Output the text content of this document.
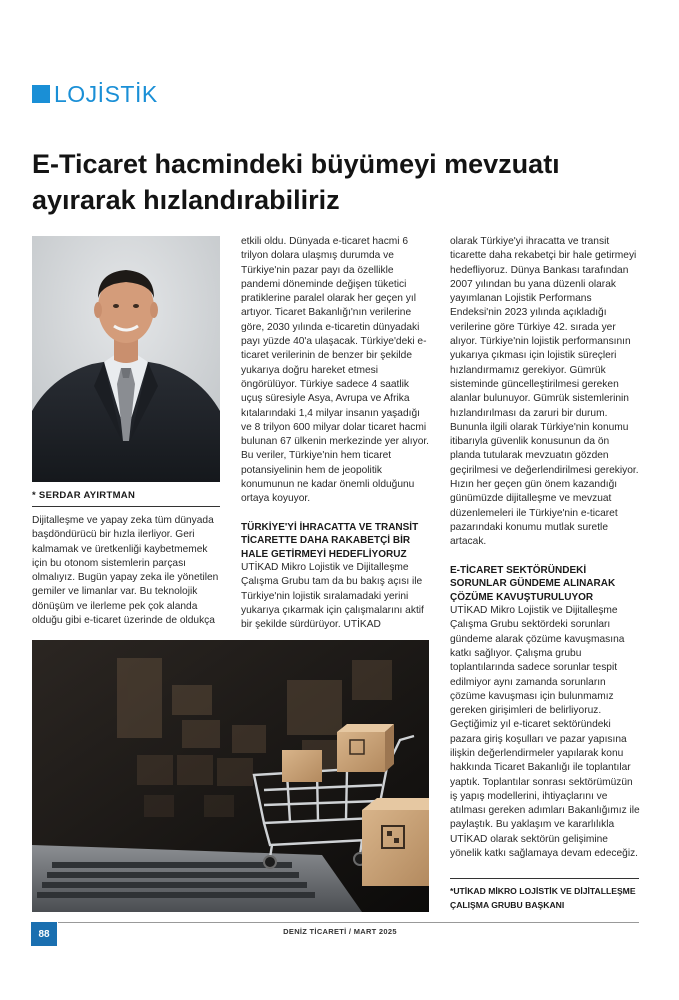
LOJİSTİK
E-Ticaret hacmindeki büyümeyi mevzuatı ayırarak hızlandırabiliriz
* SERDAR AYIRTMAN

Dijitalleşme ve yapay zeka tüm dünyada başdöndürücü bir hızla ilerliyor. Geri kalmamak ve üretkenliği kaybetmemek için bu otonom sistemlerin parçası olmalıyız. Bugün yapay zeka ile yönetilen gemiler ve limanlar var. Bu teknolojik dönüşüm ve ilerleme pek çok alanda olduğu gibi e-ticaret üzerinde de oldukça

etkili oldu. Dünyada e-ticaret hacmi 6 trilyon dolara ulaşmış durumda ve Türkiye'nin pazar payı da özellikle pandemi döneminde değişen tüketici pratiklerine paralel olarak her geçen yıl artıyor. Ticaret Bakanlığı'nın verilerine göre, 2030 yılında e-ticaretin dünyadaki payı yüzde 40'a ulaşacak. Türkiye'deki e-ticaret verilerinin de benzer bir şekilde yukarıya doğru hareket etmesi öngörülüyor. Türkiye sadece 4 saatlik uçuş süresiyle Asya, Avrupa ve Afrika kıtalarındaki 1,4 milyar insanın yaşadığı ve 8 trilyon 600 milyar dolar ticaret hacmi bulunan 67 ülkenin merkezinde yer alıyor. Bu veriler, Türkiye'nin hem ticaret potansiyelinin hem de jeopolitik konumunun ne kadar önemli olduğunu ortaya koyuyor.

TÜRKİYE'Yİ İHRACATTA VE TRANSİT TİCARETTE DAHA RAKABETÇİ BİR HALE GETİRMEYİ HEDEFLİYORUZ

UTİKAD Mikro Lojistik ve Dijitalleşme Çalışma Grubu tam da bu bakış açısı ile Türkiye'nin lojistik sıralamadaki yerini yukarıya çıkarmak için çalışmalarını aktif bir şekilde sürdürüyor. UTİKAD

olarak Türkiye'yi ihracatta ve transit ticarette daha rekabetçi bir hale getirmeyi hedefliyoruz. Dünya Bankası tarafından 2007 yılından bu yana düzenli olarak yayımlanan Lojistik Performans Endeksi'nin 2023 yılında açıkladığı verilerine göre Türkiye 42. sırada yer alıyor. Türkiye'nin lojistik performansının yukarıya çıkması için lojistik süreçleri hızlandırmamız gerekiyor. Gümrük sisteminde güncelleştirilmesi gereken alanlar bulunuyor. Gümrük sistemlerinin hızlandırılması da zaruri bir durum. Bununla ilgili olarak Türkiye'nin konumu itibarıyla güvenlik konusunun da ön planda tutularak mevzuatın gözden geçirilmesi ve değerlendirilmesi gerekiyor. Hızın her geçen gün önem kazandığı günümüzde dijitalleşme ve mevzuat düzenlemeleri ile Türkiye'nin e-ticaret pazarındaki konumu mutlak suretle artacak.

E-TİCARET SEKTÖRÜNDEKİ SORUNLAR GÜNDEME ALINARAK ÇÖZÜME KAVUŞTURULUYOR

UTİKAD Mikro Lojistik ve Dijitalleşme Çalışma Grubu sektördeki sorunları gündeme alarak çözüme kavuşmasına katkı sağlıyor. Çalışma grubu toplantılarında sadece sorunlar tespit edilmiyor aynı zamanda sorunların çözüme kavuşması için bulunmamız gereken girişimleri de belirliyoruz. Geçtiğimiz yıl e-ticaret sektöründeki pazara giriş koşulları ve pazar yapısına ilişkin değerlendirmeler yapılarak konu hakkında Ticaret Bakanlığı ile toplantılar yaptık. Toplantılar sonrası sektörümüzün iş yapış modellerini, ihtiyaçlarını ve atılması gereken adımları Bakanlığımız ile paylaştık. Bu yaklaşım ve kararlılıkla UTİKAD olarak sektörün gelişimine yönelik katkı sağlamaya devam edeceğiz.

*UTİKAD MİKRO LOJİSTİK VE DİJİTALLEŞME ÇALIŞMA GRUBU BAŞKANI
88	DENİZ TİCARETİ / MART 2025
